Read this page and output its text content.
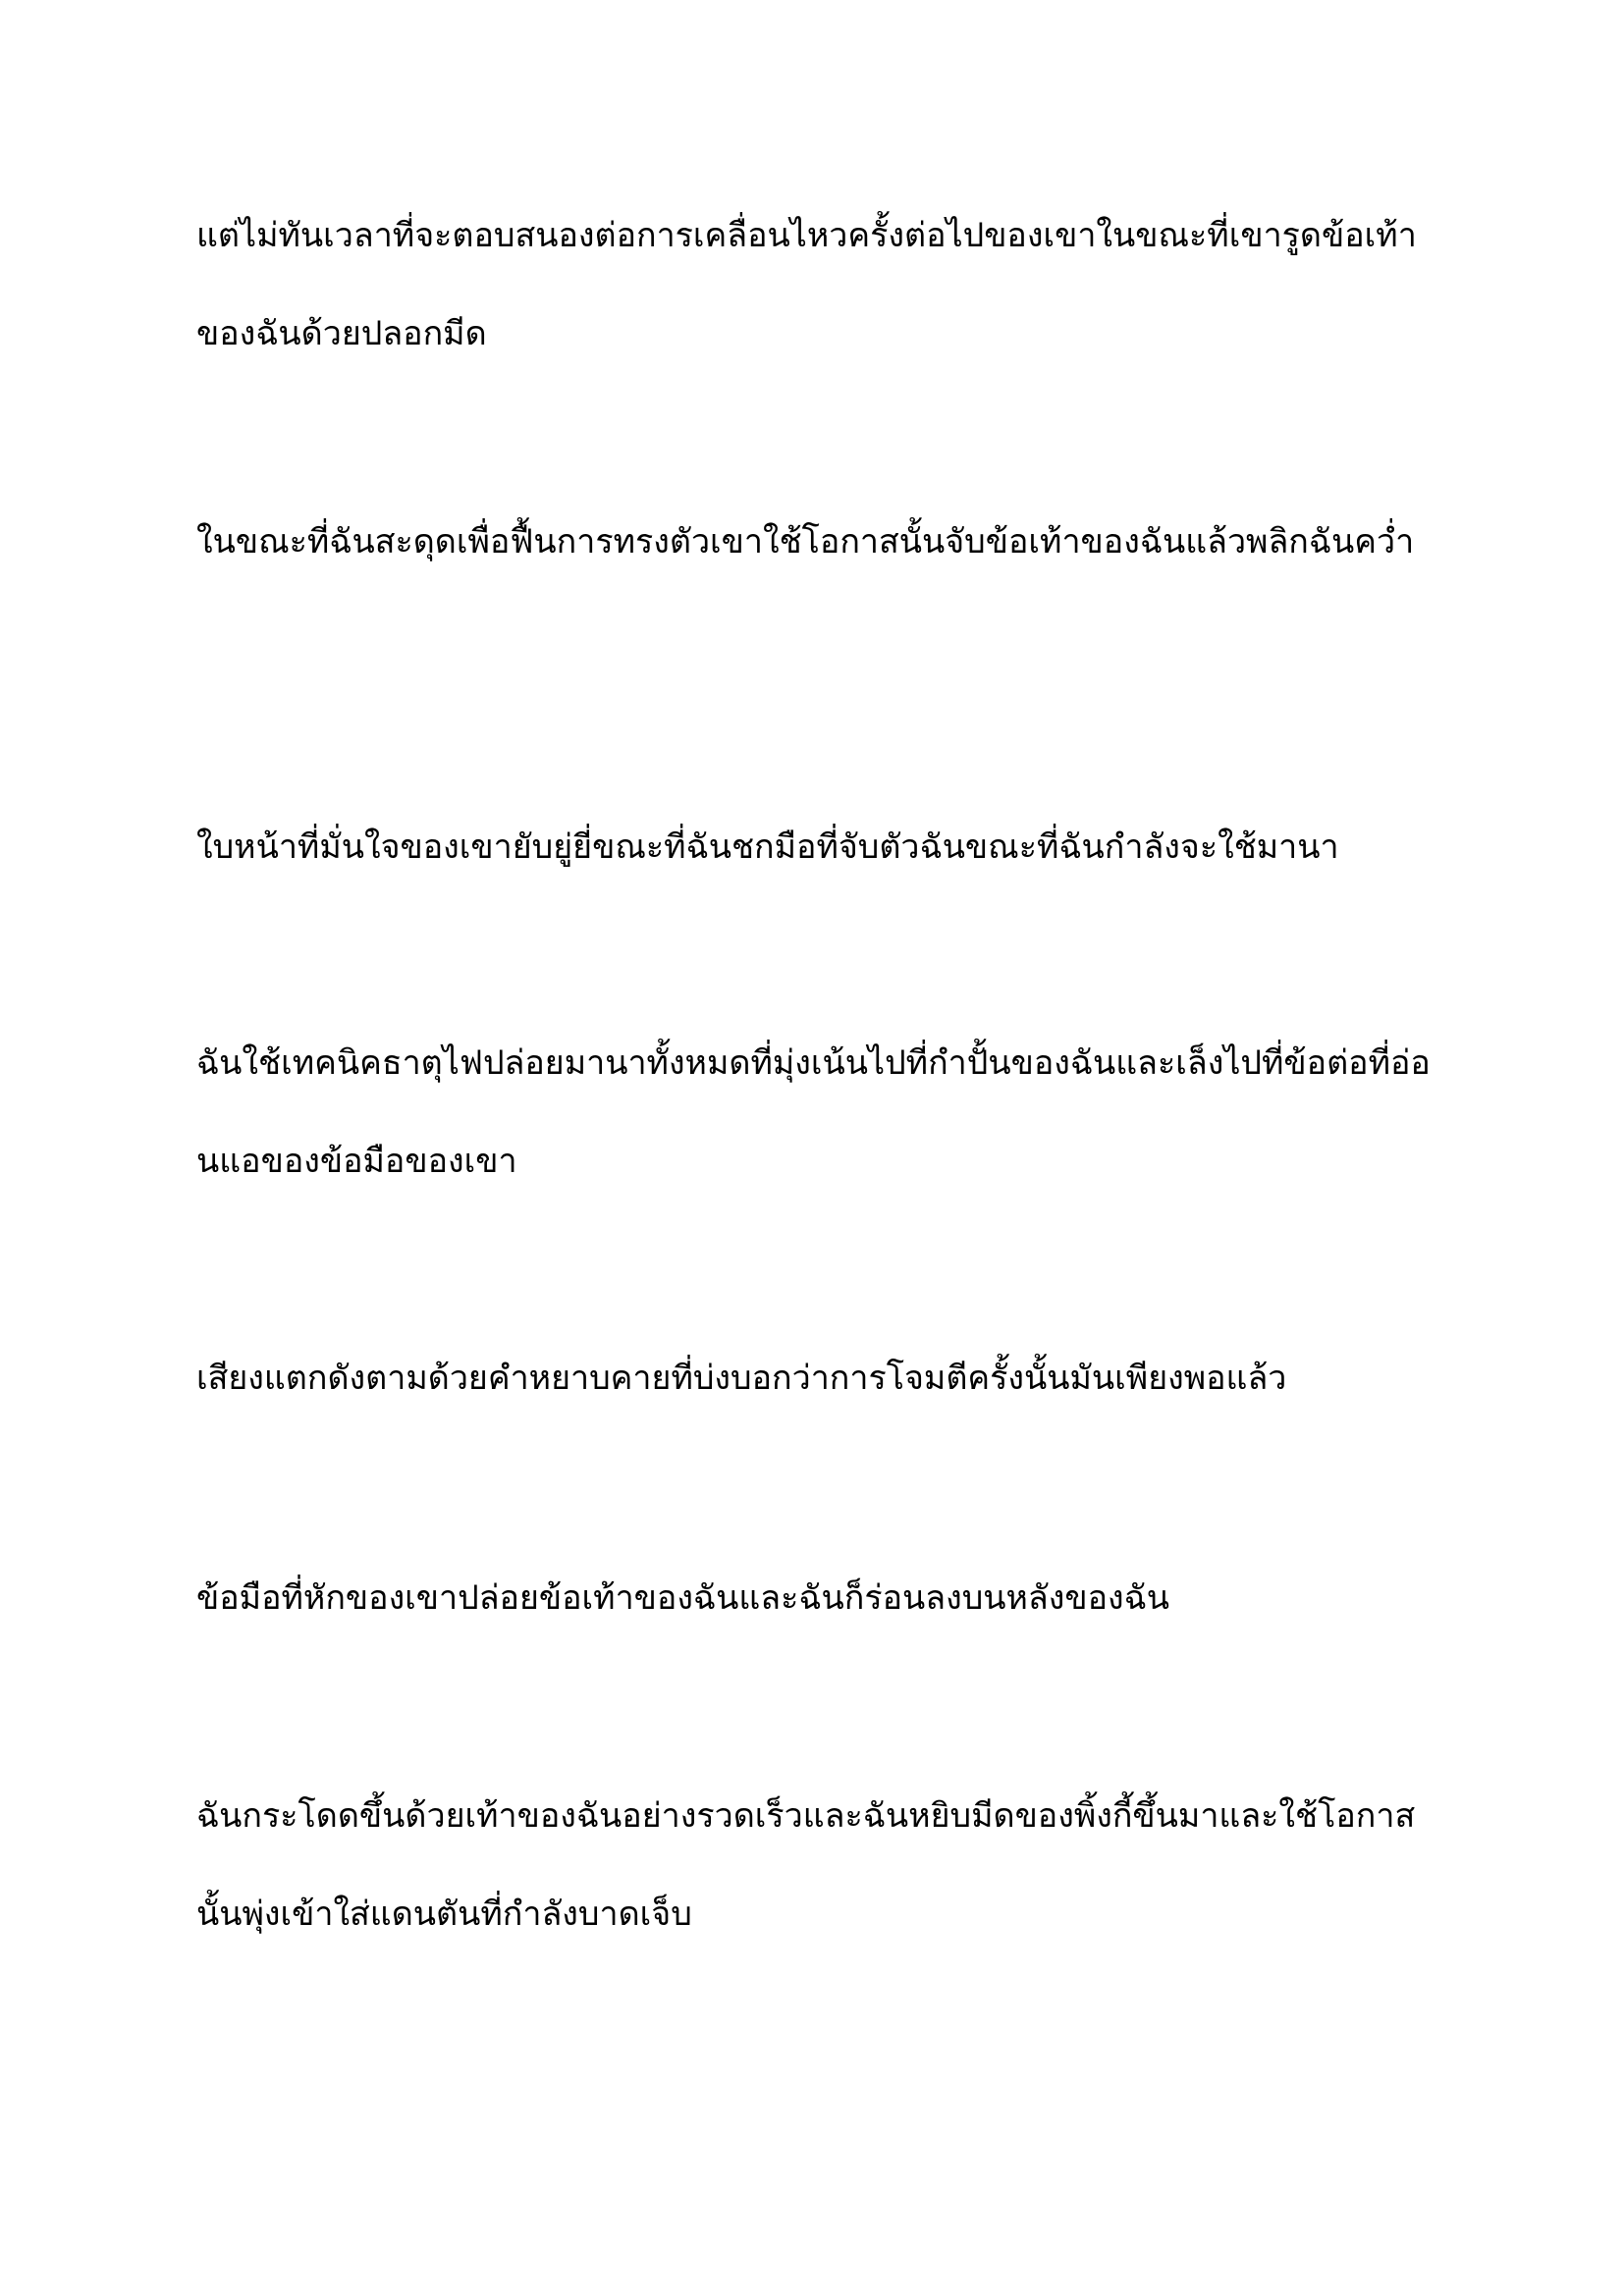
แต่ไม่ทันเวลาที่จะตอบสนองต่อการเคลื่อนไหวครั้งต่อไปของเขาในขณะที่เขารูดข้อเท้าของฉันด้วยปลอกมีด

ในขณะที่ฉันสะดุดเพื่อฟื้นการทรงตัวเขาใช้โอกาสนั้นจับข้อเท้าของฉันแล้วพลิกฉันคว่ำ

ใบหน้าที่มั่นใจของเขายับยู่ยี่ขณะที่ฉันชกมือที่จับตัวฉันขณะที่ฉันกำลังจะใช้มานา

ฉันใช้เทคนิคธาตุไฟปล่อยมานาทั้งหมดที่มุ่งเน้นไปที่กำปั้นของฉันและเล็งไปที่ข้อต่อที่อ่อนแอของข้อมือของเขา

เสียงแตกดังตามด้วยคำหยาบคายที่บ่งบอกว่าการโจมตีครั้งนั้นมันเพียงพอแล้ว

ข้อมือที่หักของเขาปล่อยข้อเท้าของฉันและฉันก็ร่อนลงบนหลังของฉัน

ฉันกระโดดขึ้นด้วยเท้าของฉันอย่างรวดเร็วและฉันหยิบมีดของพิ้งกี้ขึ้นมาและใช้โอกาสนั้นพุ่งเข้าใส่แดนตันที่กำลังบาดเจ็บ
